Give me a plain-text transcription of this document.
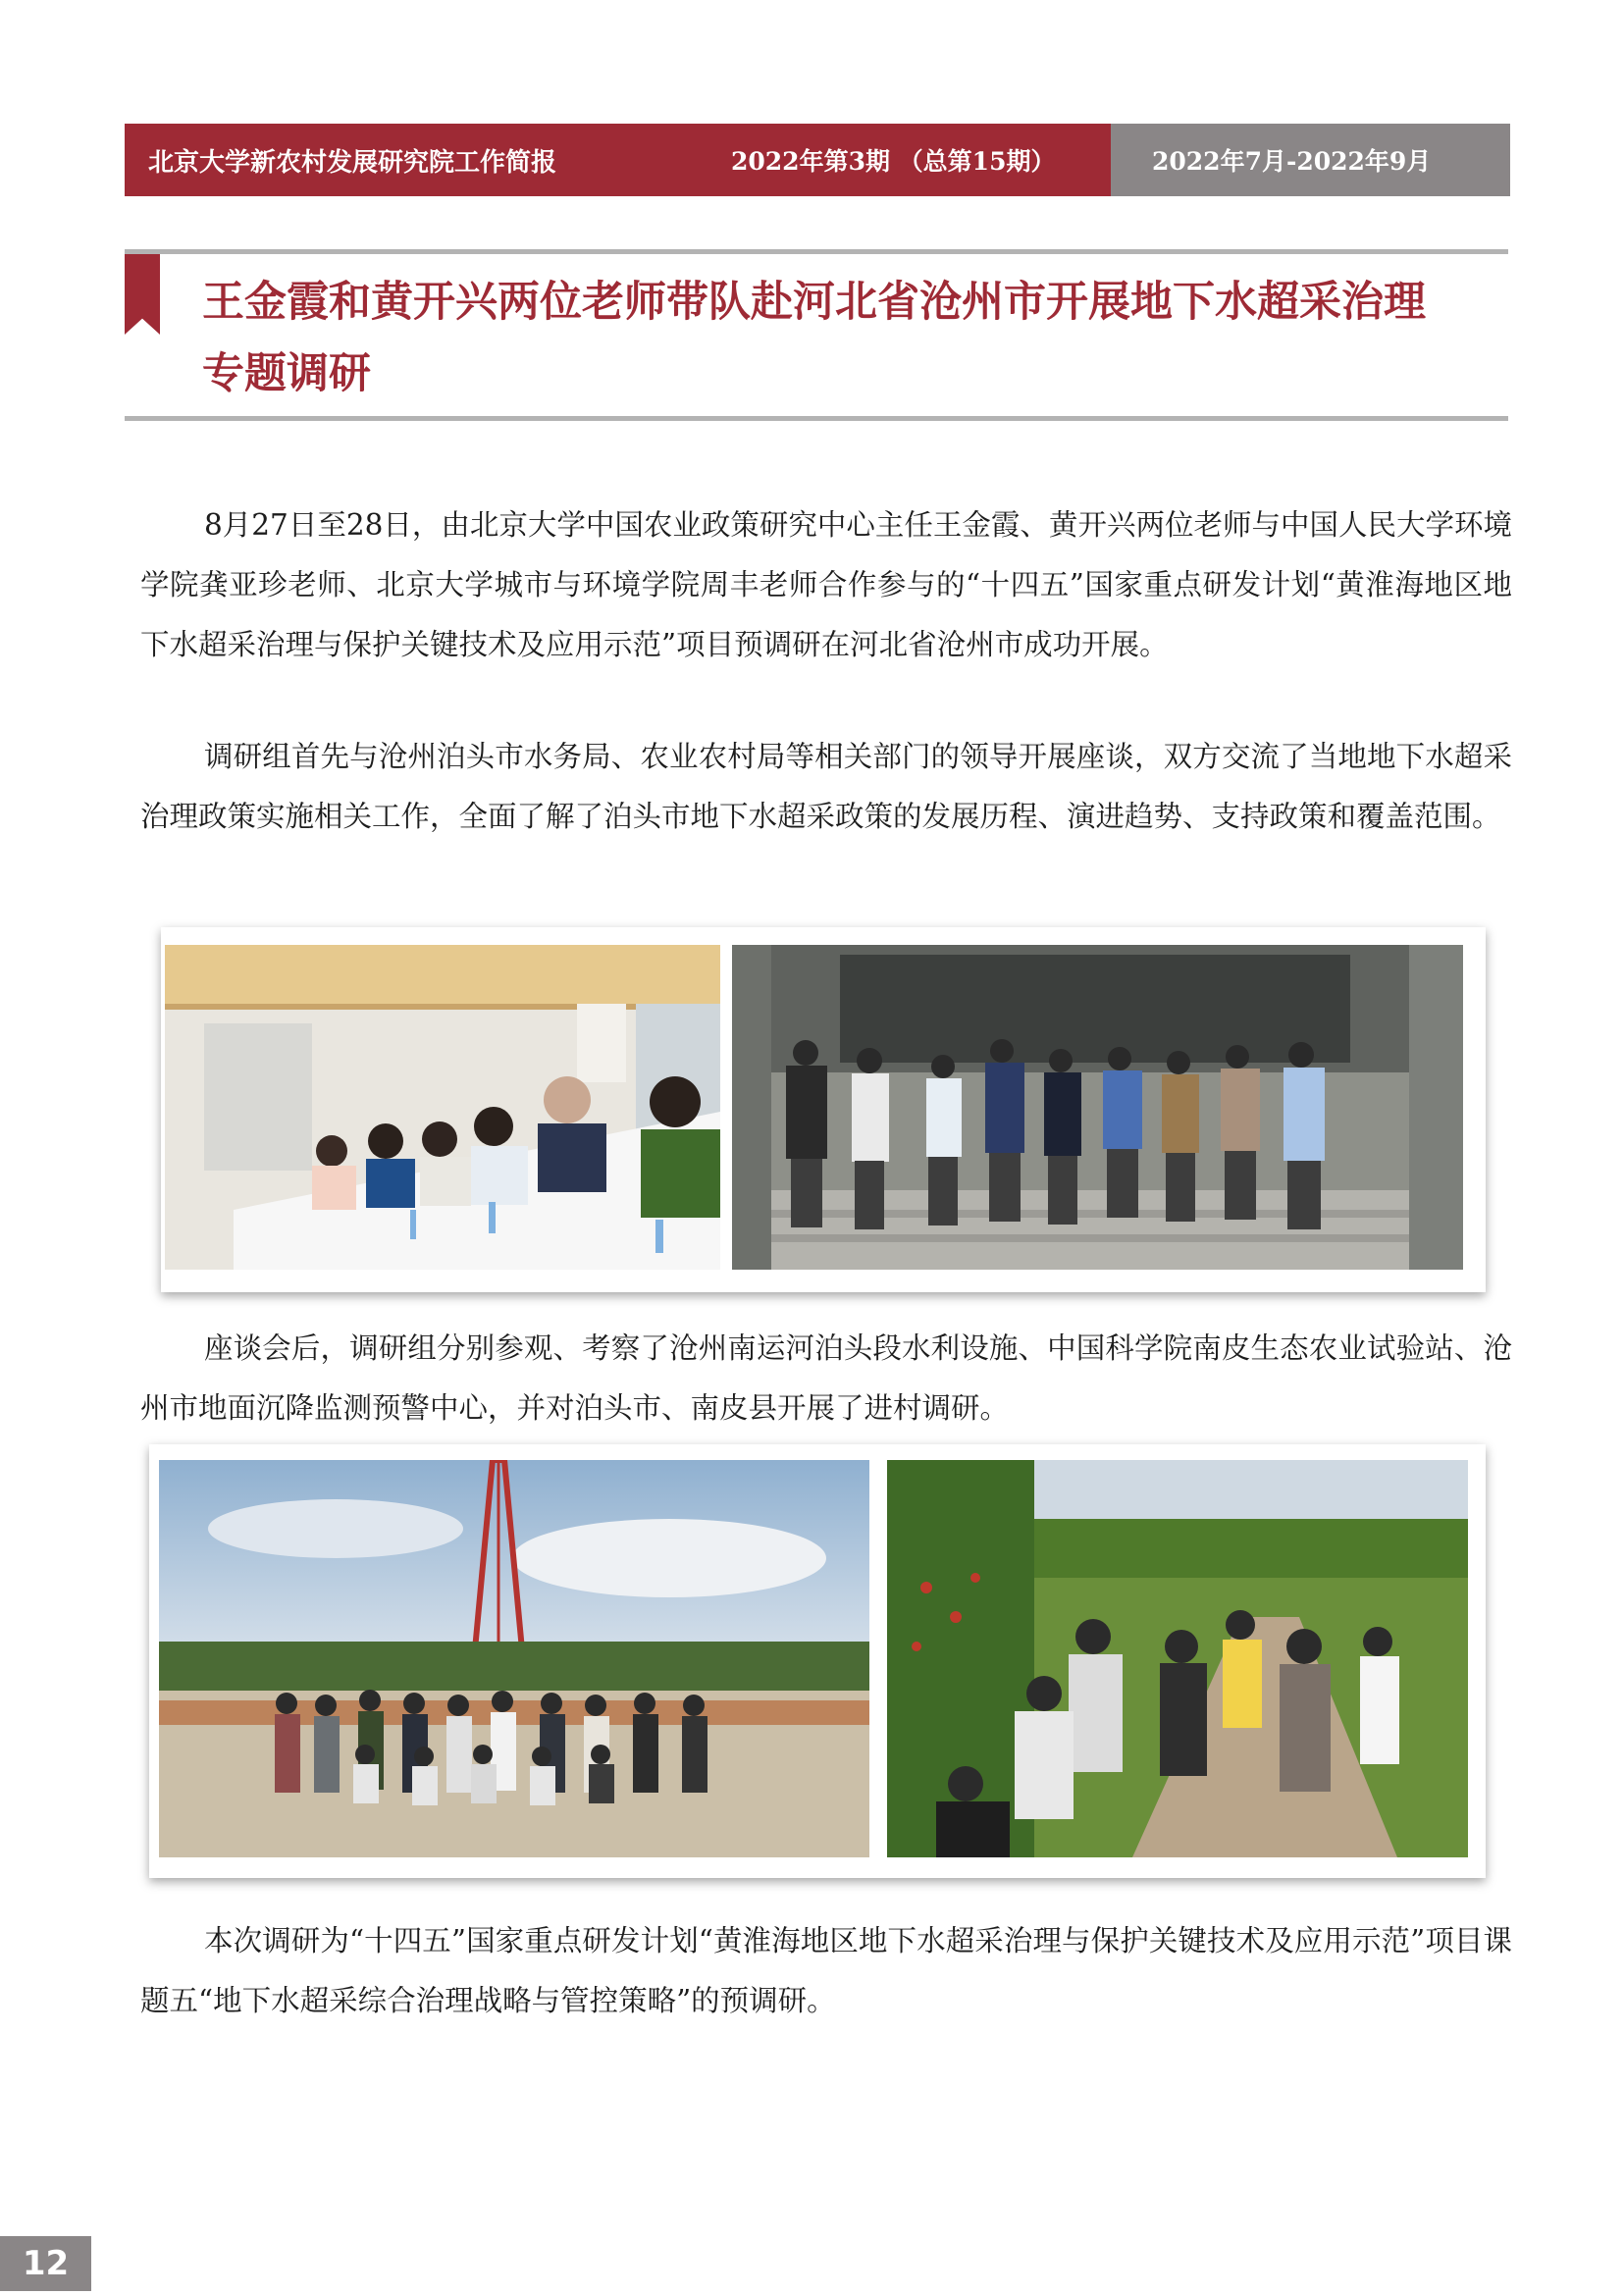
北京大学新农村发展研究院工作简报	2022年第3期 （总第15期）	2022年7月-2022年9月
王金霞和黄开兴两位老师带队赴河北省沧州市开展地下水超采治理
专题调研

8月27日至28日，由北京大学中国农业政策研究中心主任王金霞、黄开兴两位老师与中国人民大学环境学院龚亚珍老师、北京大学城市与环境学院周丰老师合作参与的“十四五”国家重点研发计划“黄淮海地区地下水超采治理与保护关键技术及应用示范”项目预调研在河北省沧州市成功开展。

调研组首先与沧州泊头市水务局、农业农村局等相关部门的领导开展座谈，双方交流了当地地下水超采治理政策实施相关工作，全面了解了泊头市地下水超采政策的发展历程、演进趋势、支持政策和覆盖范围。

座谈会后，调研组分别参观、考察了沧州南运河泊头段水利设施、中国科学院南皮生态农业试验站、沧州市地面沉降监测预警中心，并对泊头市、南皮县开展了进村调研。

本次调研为“十四五”国家重点研发计划“黄淮海地区地下水超采治理与保护关键技术及应用示范”项目课题五“地下水超采综合治理战略与管控策略”的预调研。

12
